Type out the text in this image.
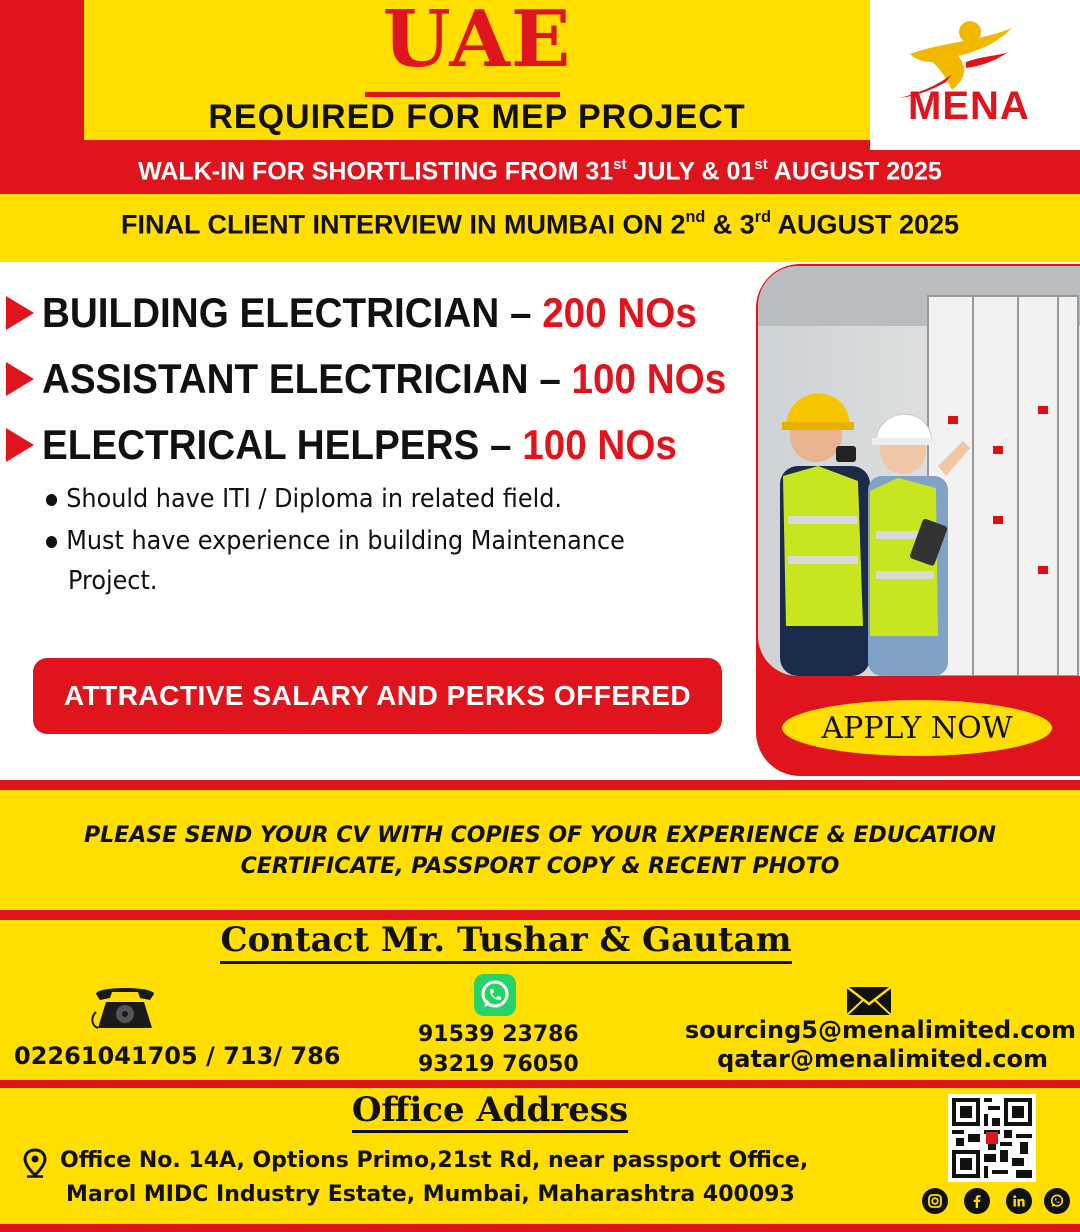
UAE
REQUIRED FOR MEP PROJECT	MENA
WALK-IN FOR SHORTLISTING FROM 31st JULY & 01st AUGUST 2025
FINAL CLIENT INTERVIEW IN MUMBAI ON 2nd & 3rd AUGUST 2025
BUILDING ELECTRICIAN – 200 NOs
ASSISTANT ELECTRICIAN – 100 NOs
ELECTRICAL HELPERS – 100 NOs
Should have ITI / Diploma in related field.
Must have experience in building Maintenance
Project.
ATTRACTIVE SALARY AND PERKS OFFERED
APPLY NOW
PLEASE SEND YOUR CV WITH COPIES OF YOUR EXPERIENCE & EDUCATION
CERTIFICATE, PASSPORT COPY & RECENT PHOTO
Contact Mr. Tushar & Gautam
02261041705 / 713/ 786
91539 23786
93219 76050
sourcing5@menalimited.com
qatar@menalimited.com
Office Address
Office No. 14A, Options Primo,21st Rd, near passport Office,
Marol MIDC Industry Estate, Mumbai, Maharashtra 400093
